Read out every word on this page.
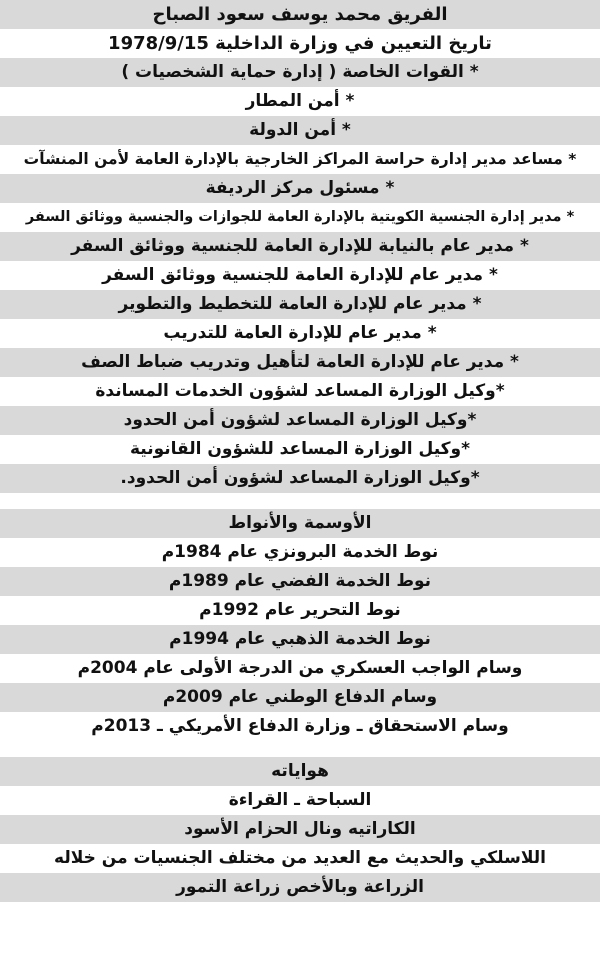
الفريق محمد يوسف سعود الصباح
تاريخ التعيين في وزارة الداخلية 1978/9/15
* القوات الخاصة ( إدارة حماية الشخصيات )
* أمن المطار
* أمن الدولة
* مساعد مدير إدارة حراسة المراكز الخارجية بالإدارة العامة لأمن المنشآت
* مسئول مركز الرديفة
* مدير إدارة الجنسية الكويتية بالإدارة العامة للجوازات والجنسية ووثائق السفر
* مدير عام بالنيابة للإدارة العامة للجنسية ووثائق السفر
* مدير عام للإدارة العامة للجنسية ووثائق السفر
* مدير عام للإدارة العامة للتخطيط والتطوير
* مدير عام للإدارة العامة للتدريب
* مدير عام للإدارة العامة لتأهيل وتدريب ضباط الصف
*وكيل الوزارة المساعد لشؤون الخدمات المساندة
*وكيل الوزارة المساعد لشؤون أمن الحدود
*وكيل الوزارة المساعد للشؤون القانونية
*وكيل الوزارة المساعد لشؤون أمن الحدود.
الأوسمة والأنواط
نوط الخدمة البرونزي عام 1984م
نوط الخدمة الفضي عام 1989م
نوط التحرير عام 1992م
نوط الخدمة الذهبي عام 1994م
وسام الواجب العسكري من الدرجة الأولى عام 2004م
وسام الدفاع الوطني عام 2009م
وسام الاستحقاق ـ وزارة الدفاع الأمريكي ـ 2013م
هواياته
السباحة ـ القراءة
الكاراتيه ونال الحزام الأسود
اللاسلكي والحديث مع العديد من مختلف الجنسيات من خلاله
الزراعة وبالأخص زراعة التمور
